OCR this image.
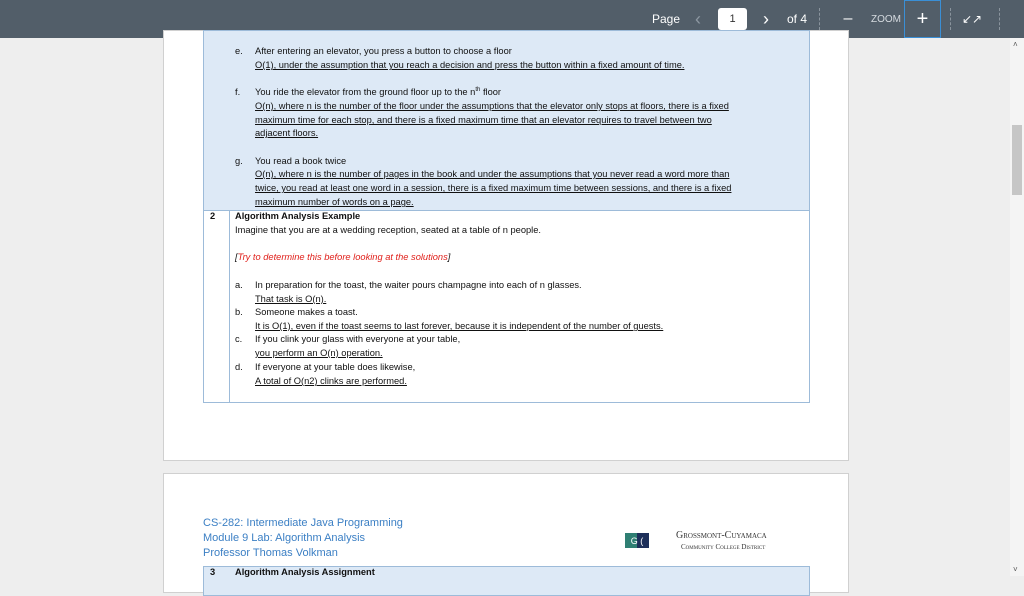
Page ‹
1	›	of 4	–	ZOOM +	↙↗
e. After entering an elevator, you press a button to choose a floor
O(1), under the assumption that you reach a decision and press the button within a fixed amount of time.
f. You ride the elevator from the ground floor up to the $n^{th}$ floor
O(n), where n is the number of the floor under the assumptions that the elevator only stops at floors, there is a fixed
maximum time for each stop, and there is a fixed maximum time that an elevator requires to travel between two
adjacent floors.
g. You read a book twice
O(n), where n is the number of pages in the book and under the assumptions that you never read a word more than
twice, you read at least one word in a session, there is a fixed maximum time between sessions, and there is a fixed
maximum number of words on a page.
2 Algorithm Analysis Example
Imagine that you are at a wedding reception, seated at a table of n people.
[Try to determine this before looking at the solutions]
a. In preparation for the toast, the waiter pours champagne into each of n glasses.
That task is O(n).
b. Someone makes a toast.
It is O(1), even if the toast seems to last forever, because it is independent of the number of guests.
c. If you clink your glass with everyone at your table,
you perform an O(n) operation.
d. If everyone at your table does likewise,
A total of O(n2) clinks are performed.
CS-282: Intermediate Java Programming
Module 9 Lab: Algorithm Analysis
Professor Thomas Volkman
G (	Grossmont-Cuyamaca
Community College District
3 Algorithm Analysis Assignment
˄
˅
